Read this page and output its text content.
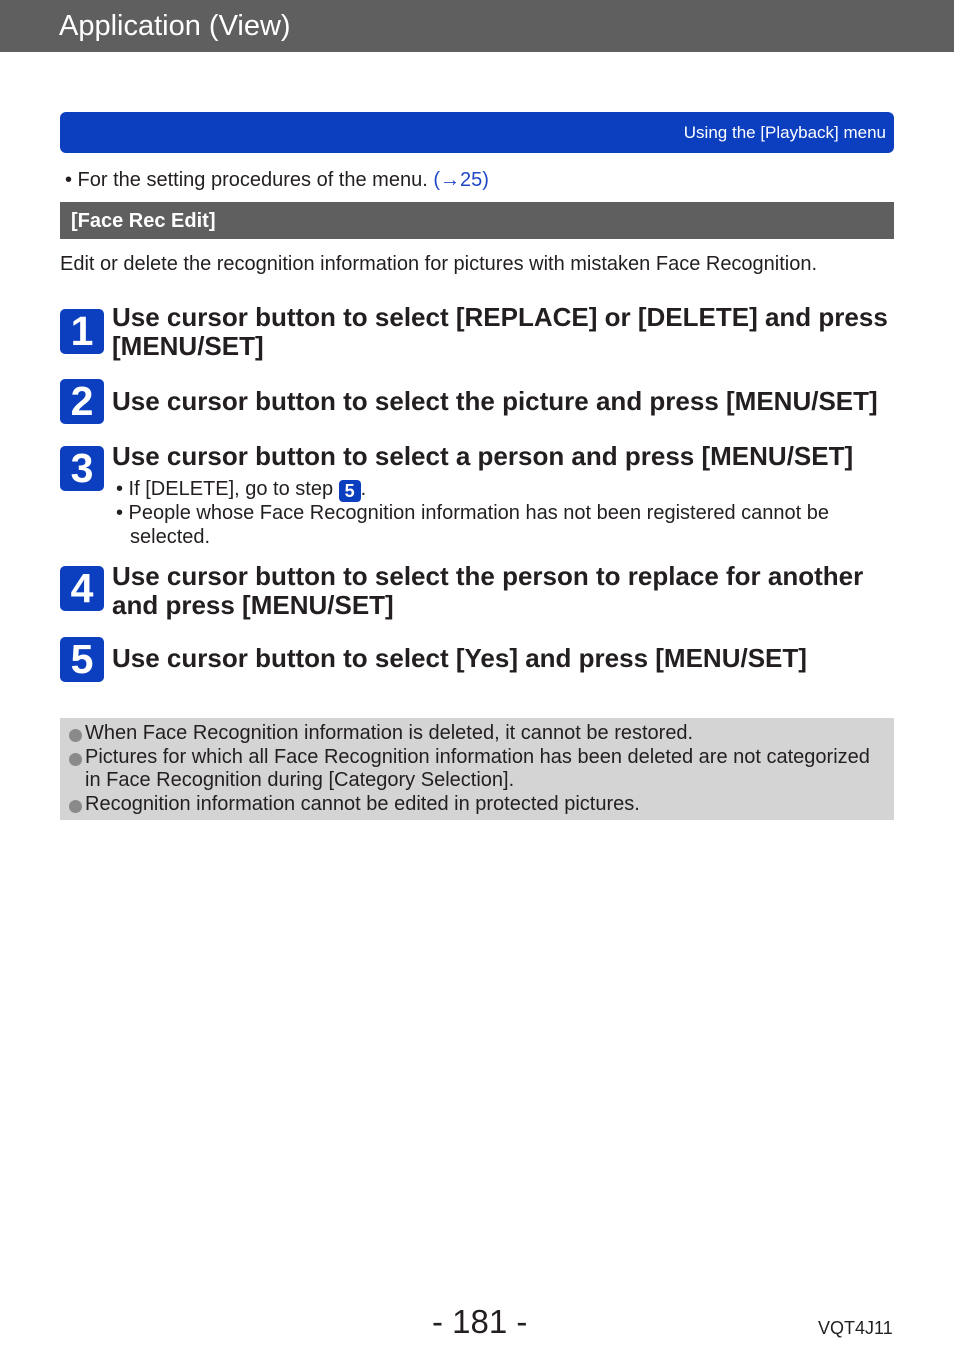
Application (View)
Using the [Playback] menu
• For the setting procedures of the menu. (→25)
[Face Rec Edit]
Edit or delete the recognition information for pictures with mistaken Face Recognition.
1 Use cursor button to select [REPLACE] or [DELETE] and press [MENU/SET]
2 Use cursor button to select the picture and press [MENU/SET]
3 Use cursor button to select a person and press [MENU/SET]
• If [DELETE], go to step 5 .
• People whose Face Recognition information has not been registered cannot be selected.
4 Use cursor button to select the person to replace for another and press [MENU/SET]
5 Use cursor button to select [Yes] and press [MENU/SET]
When Face Recognition information is deleted, it cannot be restored.
Pictures for which all Face Recognition information has been deleted are not categorized in Face Recognition during [Category Selection].
Recognition information cannot be edited in protected pictures.
- 181 -	VQT4J11
